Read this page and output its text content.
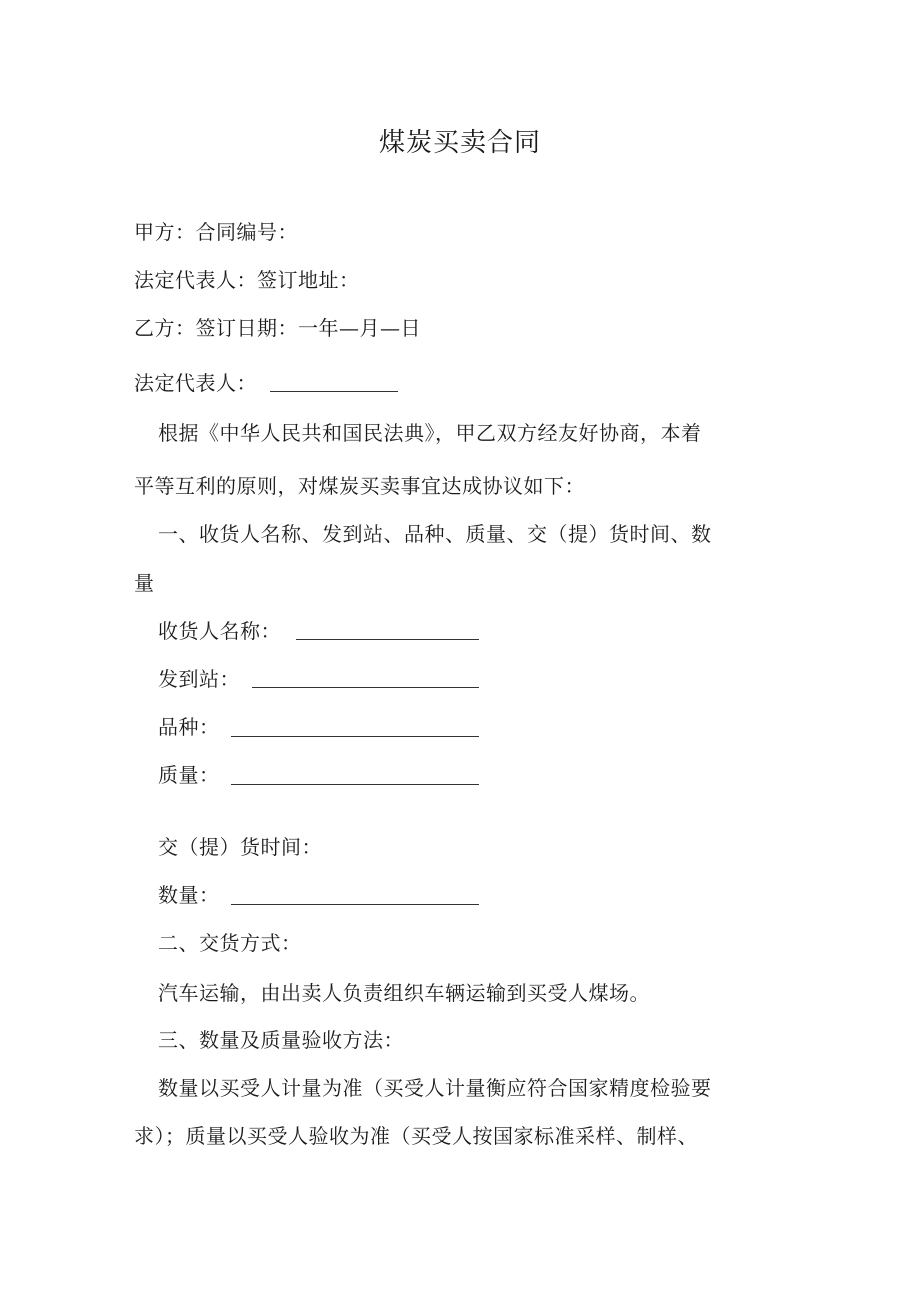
煤炭买卖合同
甲方：合同编号：
法定代表人：签订地址：
乙方：签订日期：一年—月—日
法定代表人：
根据《中华人民共和国民法典》，甲乙双方经友好协商，本着
平等互利的原则，对煤炭买卖事宜达成协议如下：
一、收货人名称、发到站、品种、质量、交（提）货时间、数
量
收货人名称：
发到站：
品种：
质量：
交（提）货时间：
数量：
二、交货方式：
汽车运输，由出卖人负责组织车辆运输到买受人煤场。
三、数量及质量验收方法：
数量以买受人计量为准（买受人计量衡应符合国家精度检验要
求）；质量以买受人验收为准（买受人按国家标准采样、制样、
